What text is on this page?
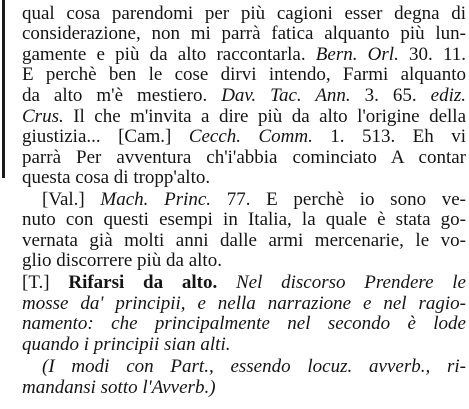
qual cosa parendomi per più cagioni esser degna di
considerazione, non mi parrà fatica alquanto più lun-
gamente e più da alto raccontarla. Bern. Orl. 30. 11.
E perchè ben le cose dirvi intendo, Farmi alquanto
da alto m'è mestiero. Dav. Tac. Ann. 3. 65. ediz.
Crus. Il che m'invita a dire più da alto l'origine della
giustizia... [Cam.] Cecch. Comm. 1. 513. Eh vi
parrà Per avventura ch'i'abbia cominciato A contar
questa cosa di tropp'alto.
[Val.] Mach. Princ. 77. E perchè io sono ve-
nuto con questi esempi in Italia, la quale è stata go-
vernata già molti anni dalle armi mercenarie, le vo-
glio discorrere più da alto.
[T.] Rifarsi da alto. Nel discorso Prendere le
mosse da' principii, e nella narrazione e nel ragio-
namento: che principalmente nel secondo è lode
quando i principii sian alti.
(I modi con Part., essendo locuz. avverb., ri-
mandansi sotto l'Avverb.)
